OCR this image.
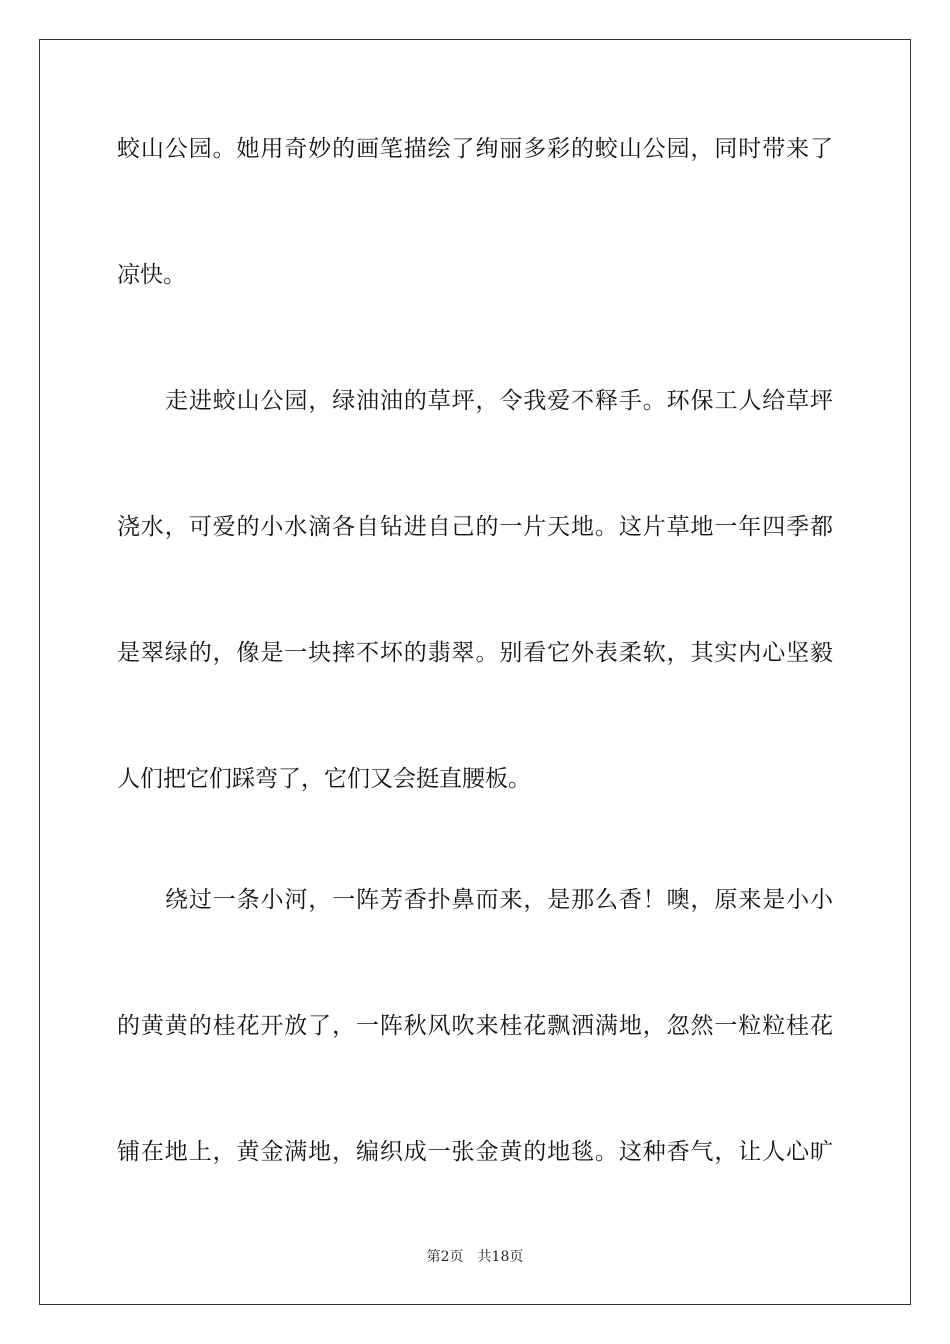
蛟山公园。她用奇妙的画笔描绘了绚丽多彩的蛟山公园，同时带来了
凉快。
走进蛟山公园，绿油油的草坪，令我爱不释手。环保工人给草坪
浇水，可爱的小水滴各自钻进自己的一片天地。这片草地一年四季都
是翠绿的，像是一块摔不坏的翡翠。别看它外表柔软，其实内心坚毅
人们把它们踩弯了，它们又会挺直腰板。
绕过一条小河，一阵芳香扑鼻而来，是那么香！噢，原来是小小
的黄黄的桂花开放了，一阵秋风吹来桂花飘洒满地，忽然一粒粒桂花
铺在地上，黄金满地，编织成一张金黄的地毯。这种香气，让人心旷
第2页 共18页
